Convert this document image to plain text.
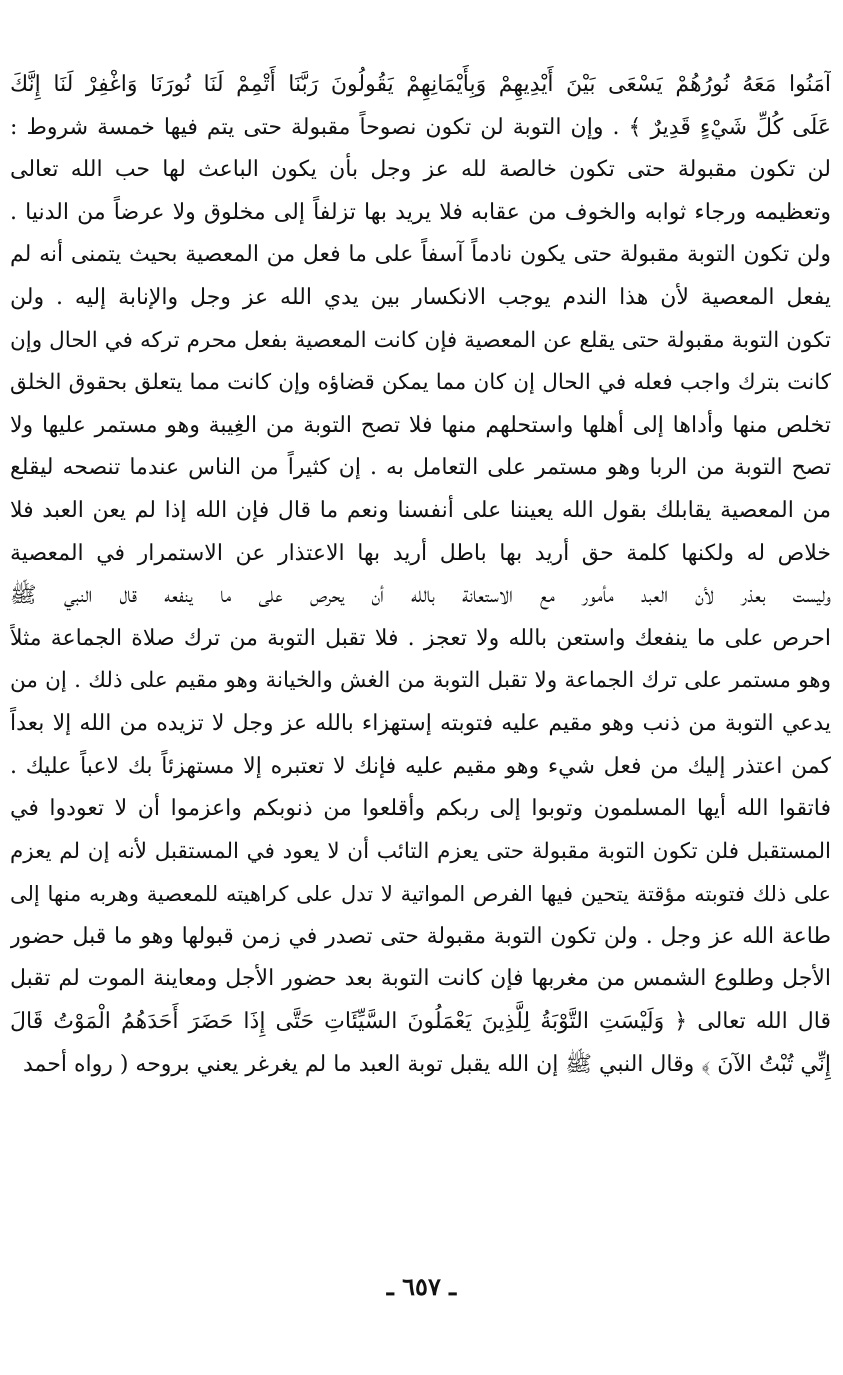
آمَنُوا مَعَهُ نُورُهُمْ يَسْعَى بَيْنَ أَيْدِيهِمْ وَبِأَيْمَانِهِمْ يَقُولُونَ رَبَّنَا أَتْمِمْ لَنَا نُورَنَا وَاغْفِرْ لَنَا إِنَّكَ
عَلَى كُلِّ شَيْءٍ قَدِيرٌ ﴾ . وإن التوبة لن تكون نصوحاً مقبولة حتى يتم فيها خمسة شروط :
لن تكون مقبولة حتى تكون خالصة لله عز وجل بأن يكون الباعث لها حب الله تعالى
وتعظيمه ورجاء ثوابه والخوف من عقابه فلا يريد بها تزلفاً إلى مخلوق ولا عرضاً من الدنيا .
ولن تكون التوبة مقبولة حتى يكون نادماً آسفاً على ما فعل من المعصية بحيث يتمنى أنه لم
يفعل المعصية لأن هذا الندم يوجب الانكسار بين يدي الله عز وجل والإنابة إليه . ولن
تكون التوبة مقبولة حتى يقلع عن المعصية فإن كانت المعصية بفعل محرم تركه في الحال وإن
كانت بترك واجب فعله في الحال إن كان مما يمكن قضاؤه وإن كانت مما يتعلق بحقوق الخلق
تخلص منها وأداها إلى أهلها واستحلهم منها فلا تصح التوبة من الغِيبة وهو مستمر عليها ولا
تصح التوبة من الربا وهو مستمر على التعامل به . إن كثيراً من الناس عندما تنصحه ليقلع
من المعصية يقابلك بقول الله يعيننا على أنفسنا ونعم ما قال فإن الله إذا لم يعن العبد فلا
خلاص له ولكنها كلمة حق أريد بها باطل أريد بها الاعتذار عن الاستمرار في المعصية
وليست بعذر لأن العبد مأمور مع الاستعانة بالله أن يحرص على ما ينفعه قال النبي ﷺ
احرص على ما ينفعك واستعن بالله ولا تعجز . فلا تقبل التوبة من ترك صلاة الجماعة مثلاً
وهو مستمر على ترك الجماعة ولا تقبل التوبة من الغش والخيانة وهو مقيم على ذلك . إن من
يدعي التوبة من ذنب وهو مقيم عليه فتوبته إستهزاء بالله عز وجل لا تزيده من الله إلا بعداً
كمن اعتذر إليك من فعل شيء وهو مقيم عليه فإنك لا تعتبره إلا مستهزئاً بك لاعباً عليك .
فاتقوا الله أيها المسلمون وتوبوا إلى ربكم وأقلعوا من ذنوبكم واعزموا أن لا تعودوا في
المستقبل فلن تكون التوبة مقبولة حتى يعزم التائب أن لا يعود في المستقبل لأنه إن لم يعزم
على ذلك فتوبته مؤقتة يتحين فيها الفرص المواتية لا تدل على كراهيته للمعصية وهربه منها إلى
طاعة الله عز وجل . ولن تكون التوبة مقبولة حتى تصدر في زمن قبولها وهو ما قبل حضور
الأجل وطلوع الشمس من مغربها فإن كانت التوبة بعد حضور الأجل ومعاينة الموت لم تقبل
قال الله تعالى ﴿ وَلَيْسَتِ التَّوْبَةُ لِلَّذِينَ يَعْمَلُونَ السَّيِّئَاتِ حَتَّى إِذَا حَضَرَ أَحَدَهُمُ الْمَوْتُ قَالَ
إِنِّي تُبْتُ الآنَ ﴾ وقال النبي ﷺ إن الله يقبل توبة العبد ما لم يغرغر يعني بروحه ( رواه أحمد
ـ ٦٥٧ ـ
